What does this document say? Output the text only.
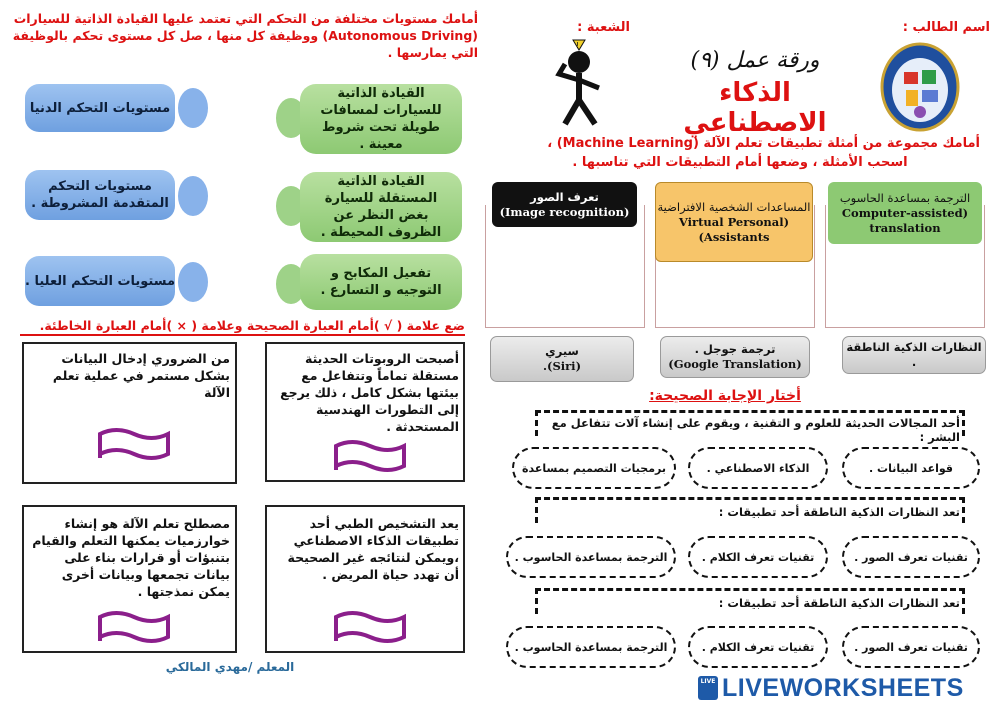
أمامك مستويات مختلفة من التحكم التي تعتمد عليها القيادة الذاتية للسيارات (Autonomous Driving) ووظيفة كل منها ، صل كل مستوى تحكم بالوظيفة التي يمارسها .
مستويات التحكم الدنيا
القيادة الذاتية للسيارات لمسافات طويلة تحت شروط معينة .
مستويات التحكم المتقدمة المشروطة .
القيادة الذاتية المستقلة للسيارة بغض النظر عن الظروف المحيطة .
مستويات التحكم العليا .	تفعيل المكابح و التوجيه و التسارع .
ضع علامة ( √ )أمام العبارة الصحيحة وعلامة ( × )أمام العبارة الخاطئة.
أصبحت الروبوتات الحديثة مستقلة تماماً وتتفاعل مع بيئتها بشكل كامل ، ذلك يرجع إلى التطورات الهندسية المستحدثة .
من الضروري إدخال البيانات بشكل مستمر في عملية تعلم الآلة
يعد التشخيص الطبي أحد تطبيقات الذكاء الاصطناعي ،ويمكن لنتائجه غير الصحيحة أن تهدد حياة المريض .
مصطلح تعلم الآلة هو إنشاء خوارزميات يمكنها التعلم والقيام بتنبؤات أو قرارات بناء على بيانات تجمعها وبيانات أخرى يمكن نمذجتها .
المعلم /مهدي المالكي
اسم الطالب :
الشعبة :
!
ورقة عمل (٩)
الذكاء الاصطناعي
أمامك مجموعة من أمثلة تطبيقات تعلم الآلة (Machine Learning) ،
اسحب الأمثلة ، وضعها أمام التطبيقات التي تناسبها .
تعرف الصور
(Image recognition) المساعدات الشخصية الافتراضية
(Virtual Personal Assistants)
الترجمة بمساعدة الحاسوب
(Computer-assisted translation
سيري
(Siri).
ترجمة جوجل .
(Google Translation)
النظارات الذكية الناطقة .
أختار الإجابة الصحيحة:
أحد المجالات الحديثة للعلوم و التقنية ، ويقوم على إنشاء آلات تتفاعل مع البشر :
قواعد البيانات .
الذكاء الاصطناعي .
برمجيات التصميم بمساعدة
تعد النظارات الذكية الناطقة أحد تطبيقات :
تقنيات تعرف الصور .
تقنيات تعرف الكلام .
الترجمة بمساعدة الحاسوب .
تعد النظارات الذكية الناطقة أحد تطبيقات :
تقنيات تعرف الصور .
تقنيات تعرف الكلام .
الترجمة بمساعدة الحاسوب .
LIVE LIVEWORKSHEETS
